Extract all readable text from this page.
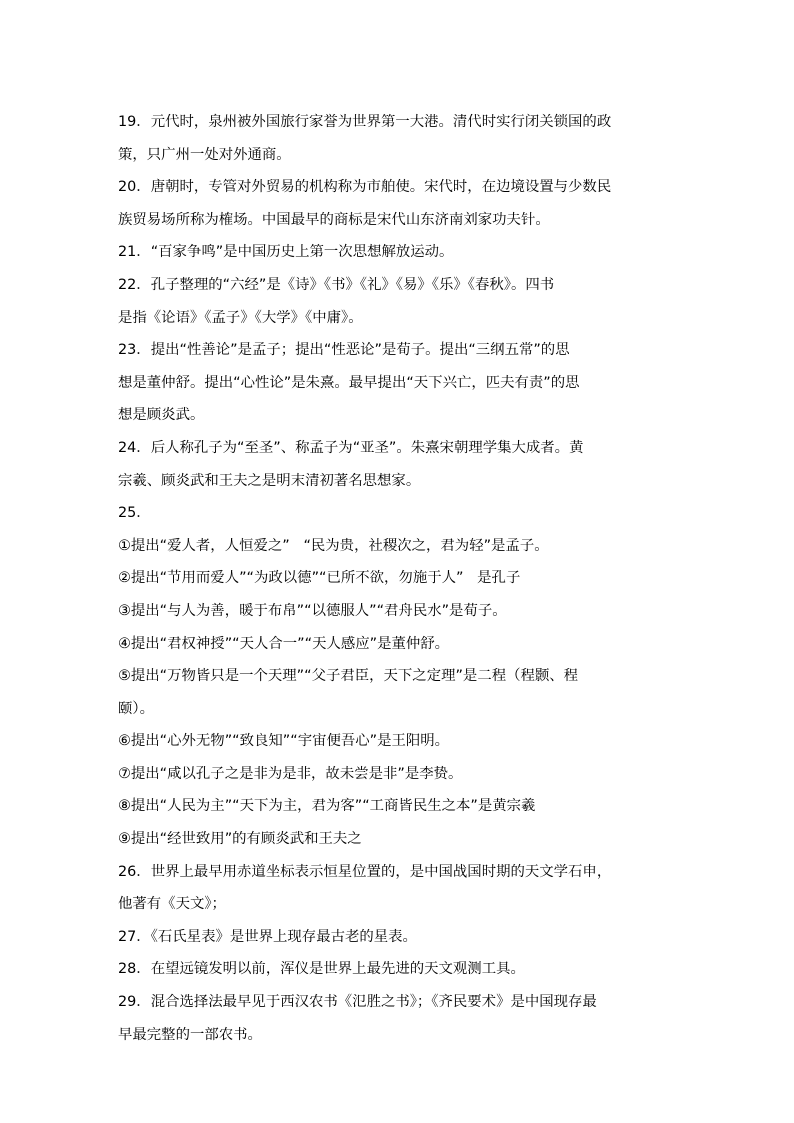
19．元代时，泉州被外国旅行家誉为世界第一大港。清代时实行闭关锁国的政
策，只广州一处对外通商。
20．唐朝时，专管对外贸易的机构称为市舶使。宋代时，在边境设置与少数民
族贸易场所称为榷场。中国最早的商标是宋代山东济南刘家功夫针。
21．“百家争鸣”是中国历史上第一次思想解放运动。
22．孔子整理的“六经”是《诗》《书》《礼》《易》《乐》《春秋》。四书
是指《论语》《孟子》《大学》《中庸》。
23．提出“性善论”是孟子；提出“性恶论”是荀子。提出“三纲五常”的思
想是董仲舒。提出“心性论”是朱熹。最早提出“天下兴亡，匹夫有责”的思
想是顾炎武。
24．后人称孔子为“至圣”、称孟子为“亚圣”。朱熹宋朝理学集大成者。黄
宗羲、顾炎武和王夫之是明末清初著名思想家。
25．
①提出“爱人者，人恒爱之”   “民为贵，社稷次之，君为轻”是孟子。
②提出“节用而爱人”“为政以德”“已所不欲，勿施于人”   是孔子
③提出“与人为善，暖于布帛”“以德服人”“君舟民水”是荀子。
④提出“君权神授”“天人合一”“天人感应”是董仲舒。
⑤提出“万物皆只是一个天理”“父子君臣，天下之定理”是二程（程颢、程
颐）。
⑥提出“心外无物”“致良知”“宇宙便吾心”是王阳明。
⑦提出“咸以孔子之是非为是非，故未尝是非”是李贽。
⑧提出“人民为主”“天下为主，君为客”“工商皆民生之本”是黄宗羲
⑨提出“经世致用”的有顾炎武和王夫之
26．世界上最早用赤道坐标表示恒星位置的，是中国战国时期的天文学石申，
他著有《天文》；
27．《石氏星表》是世界上现存最古老的星表。
28．在望远镜发明以前，浑仪是世界上最先进的天文观测工具。
29．混合选择法最早见于西汉农书《氾胜之书》；《齐民要术》是中国现存最
早最完整的一部农书。
